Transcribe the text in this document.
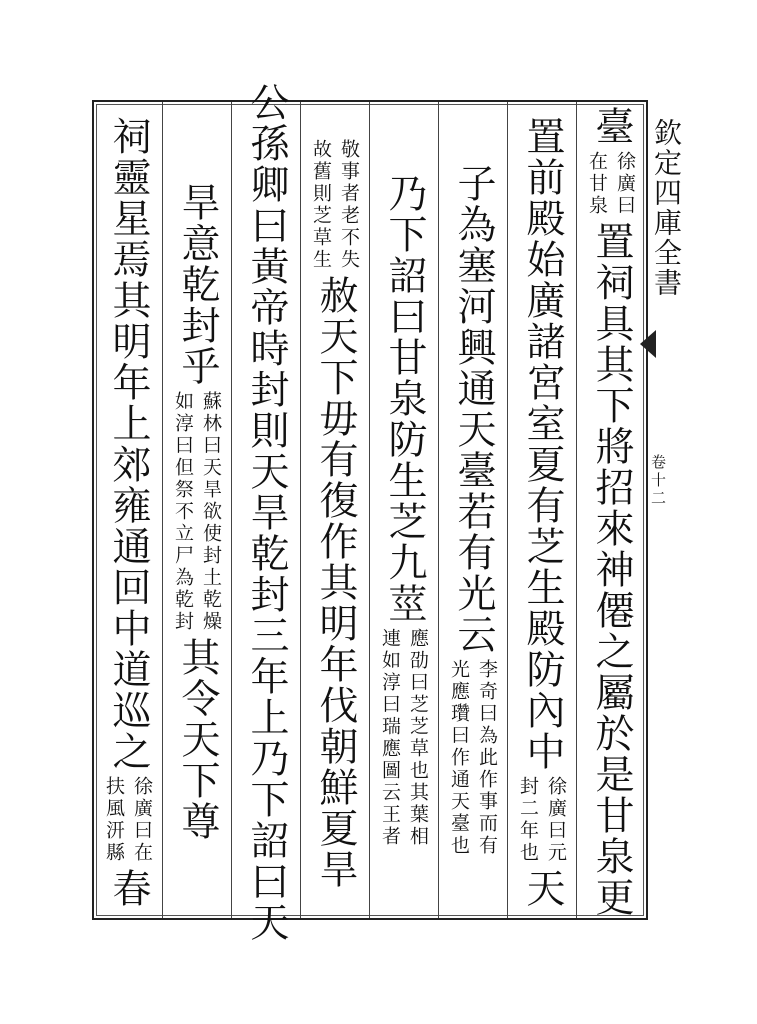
臺
徐廣曰
在甘泉
置祠具其下將招來神僊之屬於是甘泉更
置前殿始廣諸宮室夏有芝生殿防內中
徐廣曰元
封二年也
天
子為塞河興通天臺若有光云
李奇曰為此作事而有
光應瓚曰作通天臺也
乃下詔曰甘泉防生芝九莖
應劭曰芝芝草也其葉相
連如淳曰瑞應圖云王者
敬事者老不失
故舊則芝草生
赦天下毋有復作其明年伐朝鮮夏旱
公孫卿曰黃帝時封則天旱乾封三年上乃下詔曰天
旱意乾封乎
蘇林曰天旱欲使封土乾燥
如淳曰但祭不立尸為乾封
其令天下尊
祠靈星焉其明年上郊雍通回中道巡之
徐廣曰在
扶風汧縣
春
欽定四庫全書
卷十二
